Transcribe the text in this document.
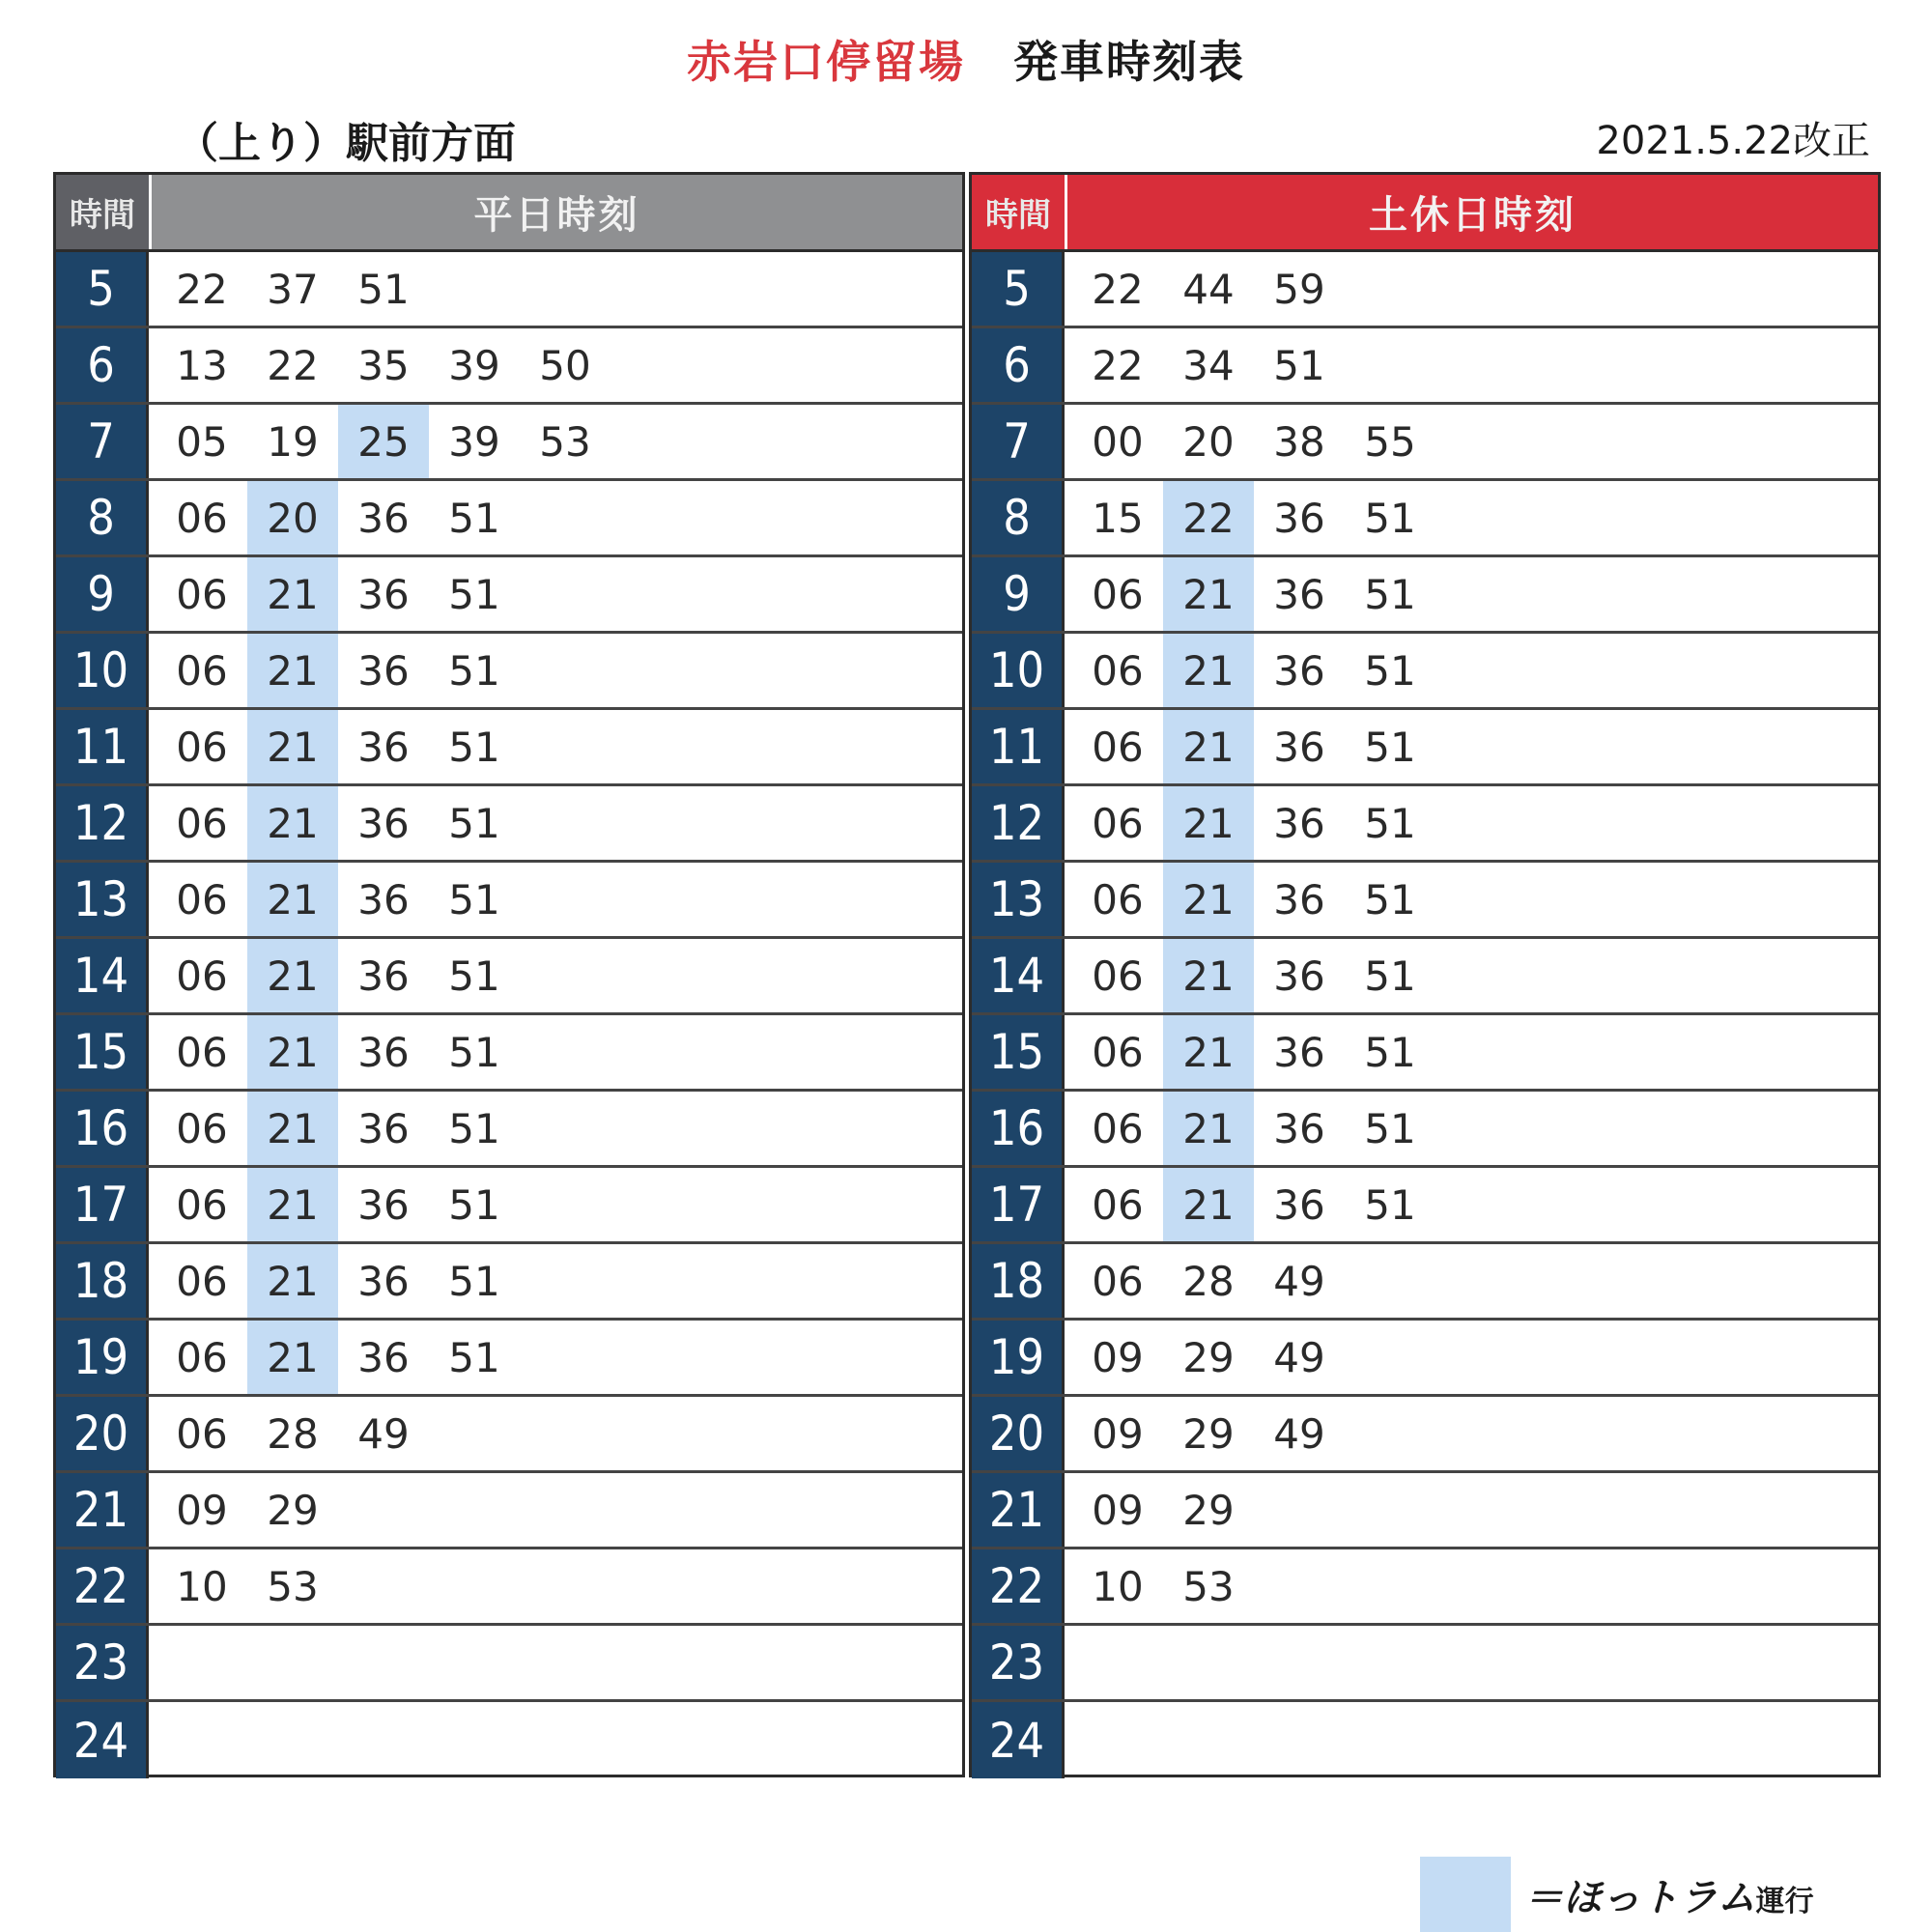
赤岩口停留場 発車時刻表
（上り）駅前方面	2021.5.22改正
時間	平日時刻
5	22 37 51
6	13 22 35 39 50
7	05 19 25 39 53
8	06 20 36 51
9	06 21 36 51
10	06 21 36 51
11	06 21 36 51
12	06 21 36 51
13	06 21 36 51
14	06 21 36 51
15	06 21 36 51
16	06 21 36 51
17	06 21 36 51
18	06 21 36 51
19	06 21 36 51
20	06 28 49
21	09 29
22	10 53
23
24
時間	土休日時刻
5	22 44 59
6	22 34 51
7	00 20 38 55
8	15 22 36 51
9	06 21 36 51
10	06 21 36 51
11	06 21 36 51
12	06 21 36 51
13	06 21 36 51
14	06 21 36 51
15	06 21 36 51
16	06 21 36 51
17	06 21 36 51
18	06 28 49
19	09 29 49
20	09 29 49
21	09 29
22	10 53
23
24
＝ほっトラム運行
